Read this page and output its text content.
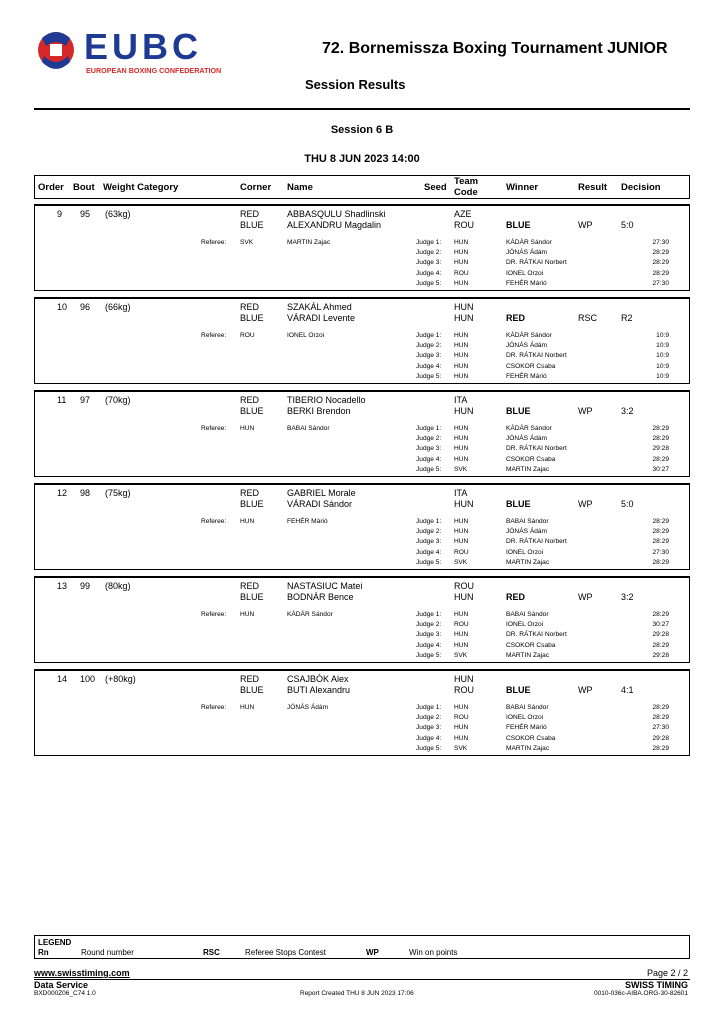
EUBC
EUROPEAN BOXING CONFEDERATION
72. Bornemissza Boxing Tournament JUNIOR
Session Results
Session 6 B
THU 8 JUN 2023 14:00
Order Bout Weight Category	Corner Name	Seed
Team
Code	Winner	Result Decision
9 95 (63kg)	RED	ABBASQULU Shadlinski	AZE
BLUE	ALEXANDRU Magdalin	ROU	BLUE	WP	5:0
Referee: SVK	MARTIN Zajac	Judge 1: HUN	KÁDÁR Sándor	27:30
Judge 2: HUN	JÓNÁS Ádám	28:29
Judge 3: HUN	DR. RÁTKAI Norbert	28:29
Judge 4: ROU	IONEL Orzoi	28:29
Judge 5: HUN	FEHÉR Márió	27:30
10 96 (66kg)	RED	SZAKÁL Ahmed	HUN
BLUE	VÁRADI Levente	HUN	RED	RSC	R2
Referee: ROU	IONEL Orzoi	Judge 1: HUN	KÁDÁR Sándor	10:9
Judge 2: HUN	JÓNÁS Ádám	10:9
Judge 3: HUN	DR. RÁTKAI Norbert	10:9
Judge 4: HUN	CSOKOR Csaba	10:9
Judge 5: HUN	FEHÉR Márió	10:9
11 97 (70kg)	RED	TIBERIO Nocadello	ITA
BLUE	BERKI Brendon	HUN	BLUE	WP	3:2
Referee: HUN	BABAI Sándor	Judge 1: HUN	KÁDÁR Sándor	28:29
Judge 2: HUN	JÓNÁS Ádám	28:29
Judge 3: HUN	DR. RÁTKAI Norbert	29:28
Judge 4: HUN	CSOKOR Csaba	28:29
Judge 5: SVK	MARTIN Zajac	30:27
12 98 (75kg)	RED	GABRIEL Morale	ITA
BLUE	VÁRADI Sándor	HUN	BLUE	WP	5:0
Referee: HUN	FEHÉR Márió	Judge 1: HUN	BABAI Sándor	28:29
Judge 2: HUN	JÓNÁS Ádám	28:29
Judge 3: HUN	DR. RÁTKAI Norbert	28:29
Judge 4: ROU	IONEL Orzoi	27:30
Judge 5: SVK	MARTIN Zajac	28:29
13 99 (80kg)	RED	NASTASIUC Matei	ROU
BLUE	BODNÁR Bence	HUN	RED	WP	3:2
Referee: HUN	KÁDÁR Sándor	Judge 1: HUN	BABAI Sándor	28:29
Judge 2: ROU	IONEL Orzoi	30:27
Judge 3: HUN	DR. RÁTKAI Norbert	29:28
Judge 4: HUN	CSOKOR Csaba	28:29
Judge 5: SVK	MARTIN Zajac	29:28
14 100 (+80kg)	RED	CSAJBÓK Alex	HUN
BLUE	BUTI Alexandru	ROU	BLUE	WP	4:1
Referee: HUN	JÓNÁS Ádám	Judge 1: HUN	BABAI Sándor	28:29
Judge 2: ROU	IONEL Orzoi	28:29
Judge 3: HUN	FEHÉR Márió	27:30
Judge 4: HUN	CSOKOR Csaba	29:28
Judge 5: SVK	MARTIN Zajac	28:29
LEGEND
Rn	Round number	RSC	Referee Stops Contest	WP	Win on points
www.swisstiming.com	Page 2 / 2
Data Service	SWISS TIMING
BXD000Z06_C74 1.0	Report Created THU 8 JUN 2023 17:06	0010-036c-AIBA.ORG-30-82601
